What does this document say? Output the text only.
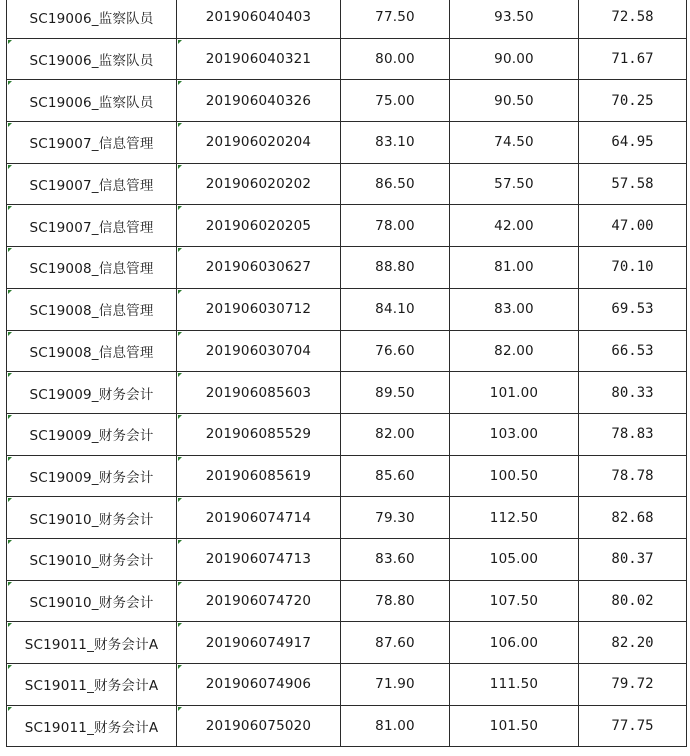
SC19006_监察队员	201906040403	77.50	93.50	72.58
SC19006_监察队员	201906040321	80.00	90.00	71.67
SC19006_监察队员	201906040326	75.00	90.50	70.25
SC19007_信息管理	201906020204	83.10	74.50	64.95
SC19007_信息管理	201906020202	86.50	57.50	57.58
SC19007_信息管理	201906020205	78.00	42.00	47.00
SC19008_信息管理	201906030627	88.80	81.00	70.10
SC19008_信息管理	201906030712	84.10	83.00	69.53
SC19008_信息管理	201906030704	76.60	82.00	66.53
SC19009_财务会计	201906085603	89.50	101.00	80.33
SC19009_财务会计	201906085529	82.00	103.00	78.83
SC19009_财务会计	201906085619	85.60	100.50	78.78
SC19010_财务会计	201906074714	79.30	112.50	82.68
SC19010_财务会计	201906074713	83.60	105.00	80.37
SC19010_财务会计	201906074720	78.80	107.50	80.02
SC19011_财务会计A	201906074917	87.60	106.00	82.20
SC19011_财务会计A	201906074906	71.90	111.50	79.72
SC19011_财务会计A	201906075020	81.00	101.50	77.75
